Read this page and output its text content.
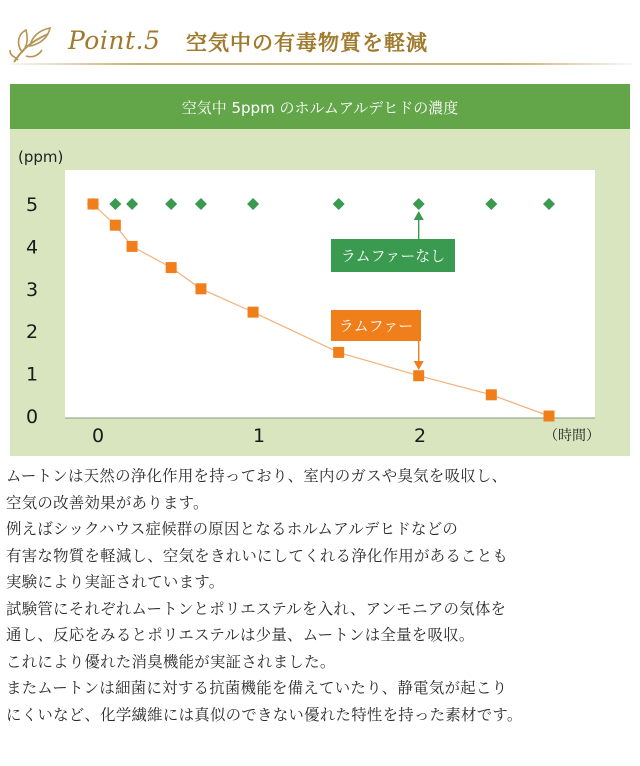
Point.5 空気中の有毒物質を軽減
空気中 5ppm のホルムアルデヒドの濃度
(ppm)
0
1
2
3
4
5
0	1	2	（時間）
ラムファーなし
ラムファー

ムートンは天然の浄化作用を持っており、室内のガスや臭気を吸収し、

空気の改善効果があります。

例えばシックハウス症候群の原因となるホルムアルデヒドなどの

有害な物質を軽減し、空気をきれいにしてくれる浄化作用があることも

実験により実証されています。

試験管にそれぞれムートンとポリエステルを入れ、アンモニアの気体を

通し、反応をみるとポリエステルは少量、ムートンは全量を吸収。

これにより優れた消臭機能が実証されました。

またムートンは細菌に対する抗菌機能を備えていたり、静電気が起こり

にくいなど、化学繊維には真似のできない優れた特性を持った素材です。
